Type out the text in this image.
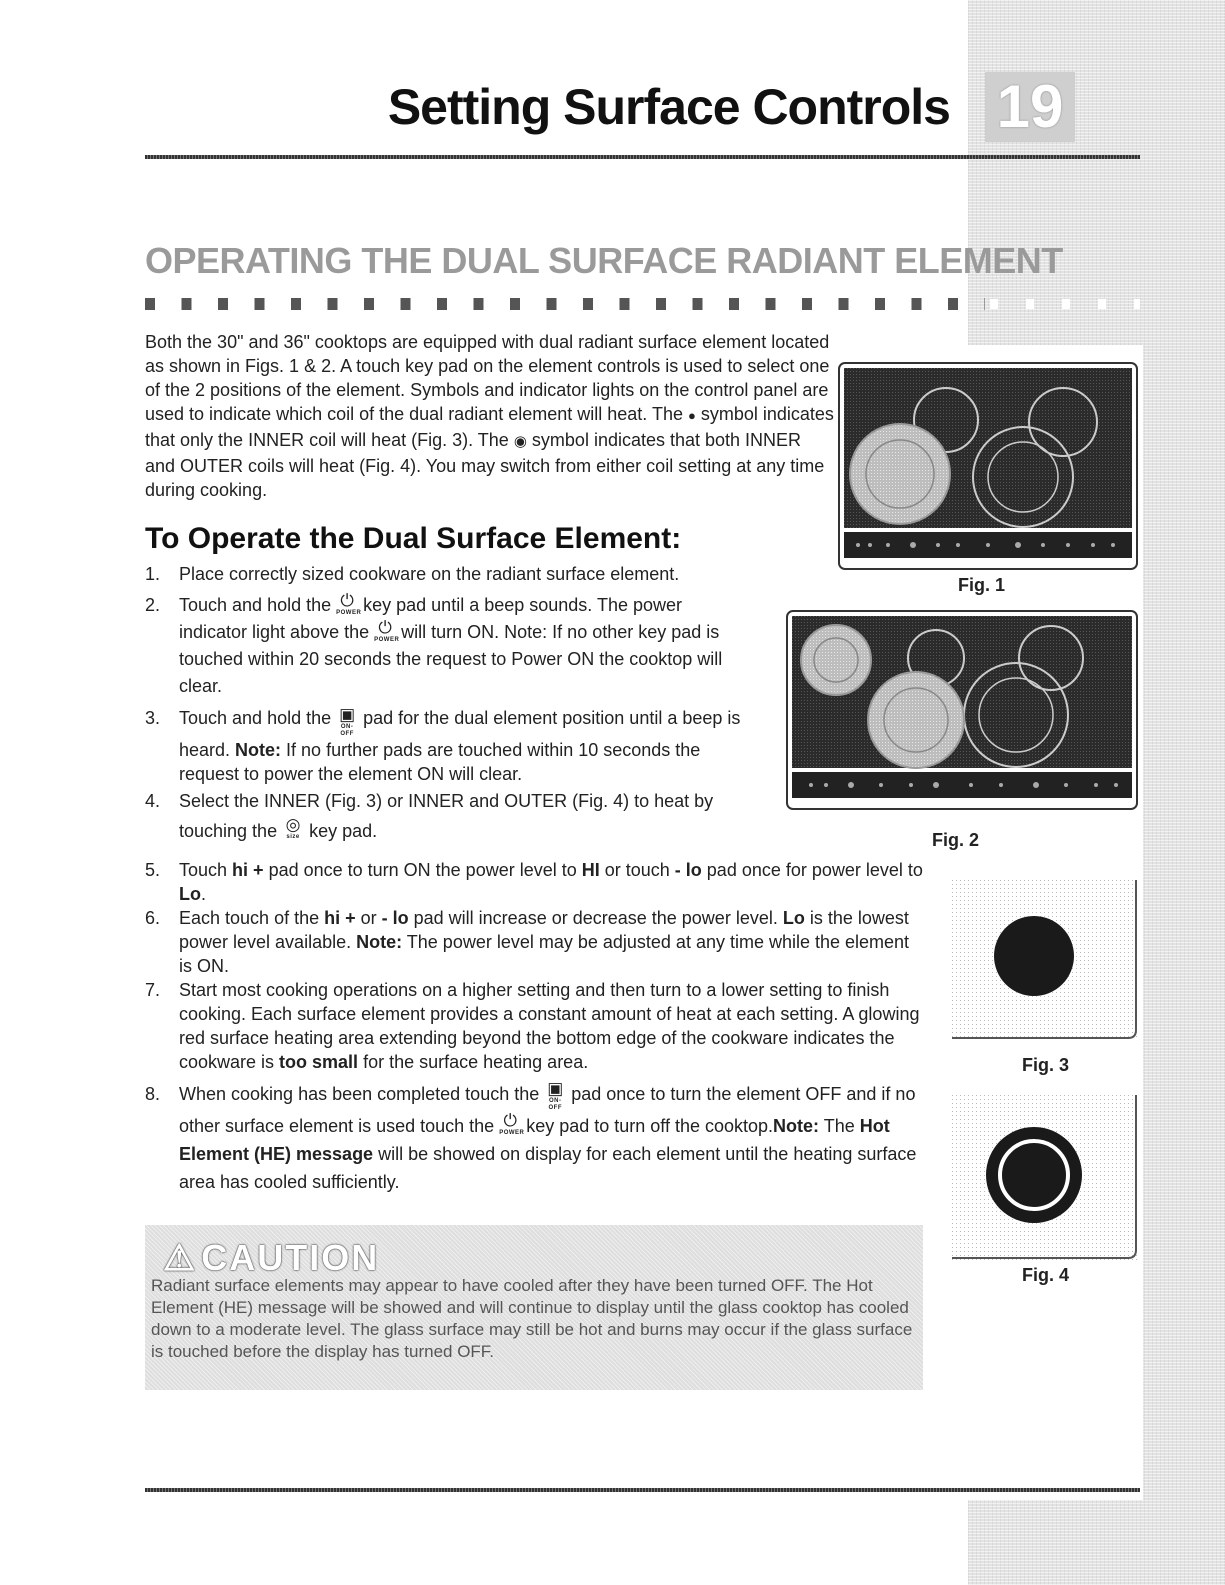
Setting Surface Controls 19
OPERATING THE DUAL SURFACE RADIANT ELEMENT
Both the 30" and 36" cooktops are equipped with dual radiant surface element located as shown in Figs. 1 & 2. A touch key pad on the element controls is used to select one of the 2 positions of the element. Symbols and indicator lights on the control panel are used to indicate which coil of the dual radiant element will heat. The ● symbol indicates that only the INNER coil will heat (Fig. 3). The ◉ symbol indicates that both INNER and OUTER coils will heat (Fig. 4). You may switch from either coil setting at any time during cooking.
To Operate the Dual Surface Element:
1. Place correctly sized cookware on the radiant surface element.
2. Touch and hold the ⏻
POWER
key pad until a beep sounds. The power indicator light above the ⏻
POWER
will turn ON. Note: If no other key pad is touched within 20 seconds the request to Power ON the cooktop will clear.
3. Touch and hold the ▣
ON-OFF
pad for the dual element position until a beep is heard. Note: If no further pads are touched within 10 seconds the request to power the element ON will clear.
4. Select the INNER (Fig. 3) or INNER and OUTER (Fig. 4) to heat by touching the ◎
size key pad.
5. Touch hi + pad once to turn ON the power level to HI or touch - lo pad once for power level to Lo.
6. Each touch of the hi + or - lo pad will increase or decrease the power level. Lo is the lowest power level available. Note: The power level may be adjusted at any time while the element is ON.
7. Start most cooking operations on a higher setting and then turn to a lower setting to finish cooking. Each surface element provides a constant amount of heat at each setting. A glowing red surface heating area extending beyond the bottom edge of the cookware indicates the cookware is too small for the surface heating area.
8. When cooking has been completed touch the ▣
ON-OFF
pad once to turn the element OFF and if no other surface element is used touch the ⏻
POWER
key pad to turn off the cooktop.Note: The Hot Element (HE) message will be showed on display for each element until the heating surface area has cooled sufficiently.
Fig. 1
Fig. 2
Fig. 3
Fig. 4
⚠ CAUTION
Radiant surface elements may appear to have cooled after they have been turned OFF. The Hot Element (HE) message will be showed and will continue to display until the glass cooktop has cooled down to a moderate level. The glass surface may still be hot and burns may occur if the glass surface is touched before the display has turned OFF.
